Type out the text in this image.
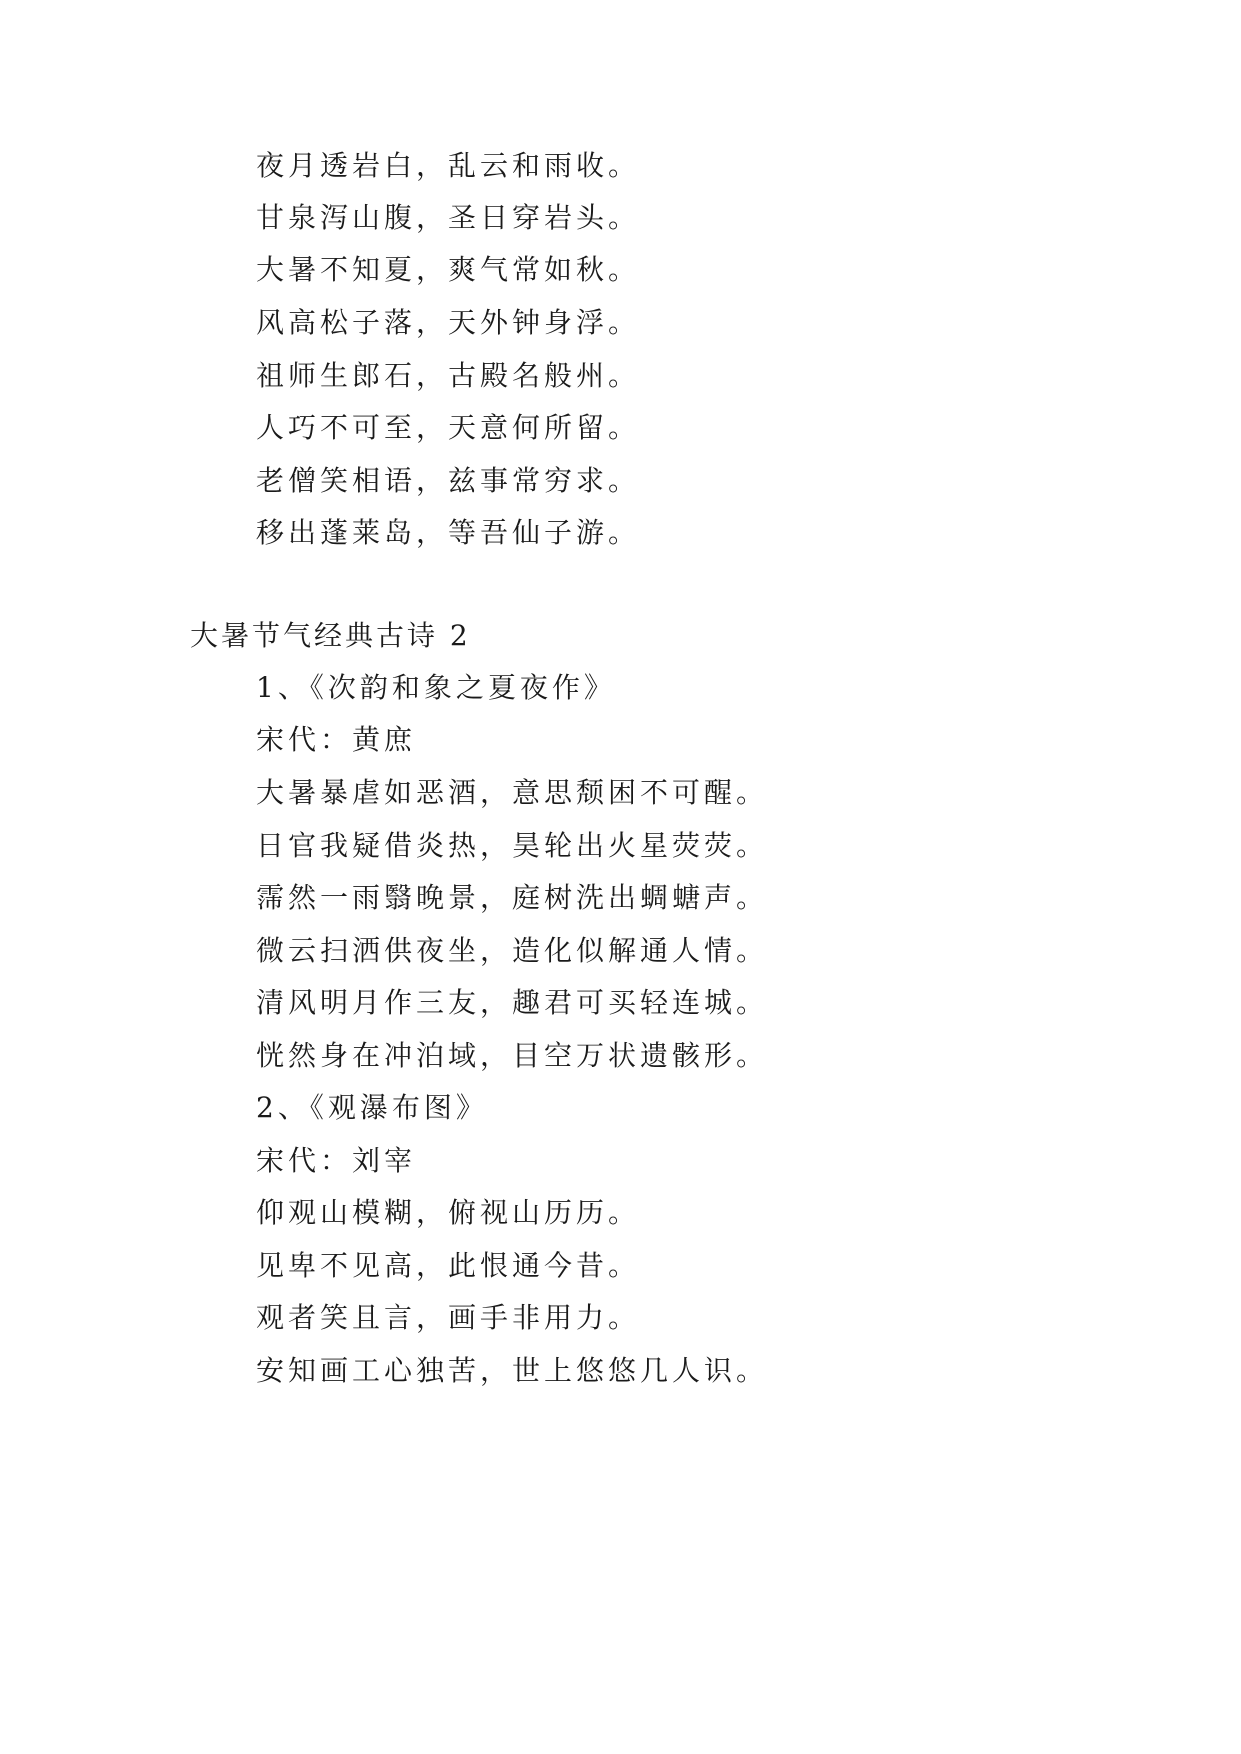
夜月透岩白，乱云和雨收。
甘泉泻山腹，圣日穿岩头。
大暑不知夏，爽气常如秋。
风高松子落，天外钟身浮。
祖师生郎石，古殿名般州。
人巧不可至，天意何所留。
老僧笑相语，兹事常穷求。
移出蓬莱岛，等吾仙子游。
大暑节气经典古诗 2
1、《次韵和象之夏夜作》
宋代：黄庶
大暑暴虐如恶酒，意思颓困不可醒。
日官我疑借炎热，昊轮出火星荧荧。
霈然一雨翳晚景，庭树洗出蜩螗声。
微云扫洒供夜坐，造化似解通人情。
清风明月作三友，趣君可买轻连城。
恍然身在冲泊域，目空万状遗骸形。
2、《观瀑布图》
宋代：刘宰
仰观山模糊，俯视山历历。
见卑不见高，此恨通今昔。
观者笑且言，画手非用力。
安知画工心独苦，世上悠悠几人识。
